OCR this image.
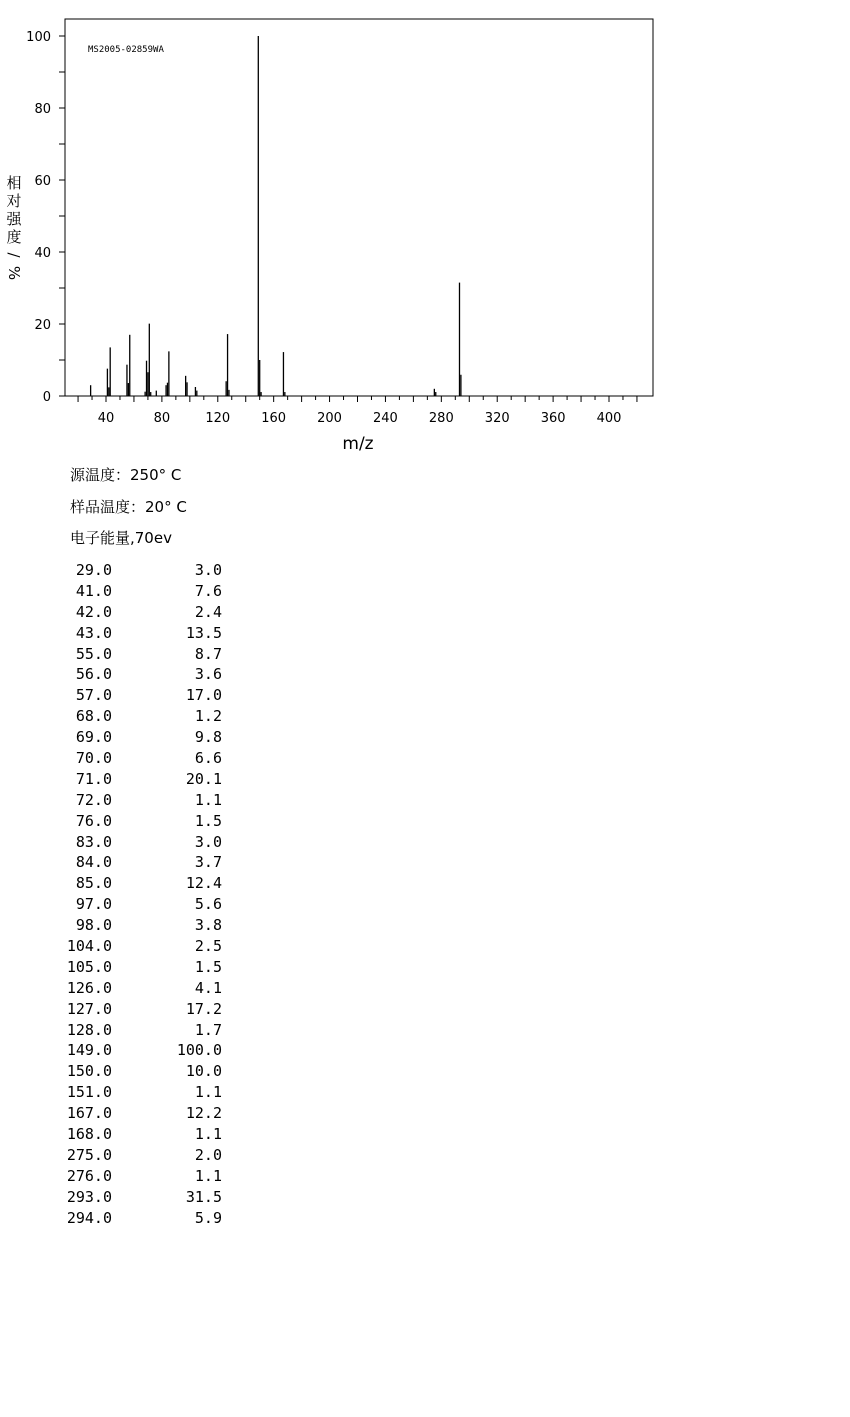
MS2005-02859WA
0
20
40
60
80
100
40	80	120 160 200 240 280 320 360 400
相
对
强
度
/
%
m/z
源温度：250° C
样品温度：20° C
电子能量,70ev
29.0	3.0
41.0	7.6
42.0	2.4
43.0	13.5
55.0	8.7
56.0	3.6
57.0	17.0
68.0	1.2
69.0	9.8
70.0	6.6
71.0	20.1
72.0	1.1
76.0	1.5
83.0	3.0
84.0	3.7
85.0	12.4
97.0	5.6
98.0	3.8
104.0	2.5
105.0	1.5
126.0	4.1
127.0	17.2
128.0	1.7
149.0	100.0
150.0	10.0
151.0	1.1
167.0	12.2
168.0	1.1
275.0	2.0
276.0	1.1
293.0	31.5
294.0	5.9
